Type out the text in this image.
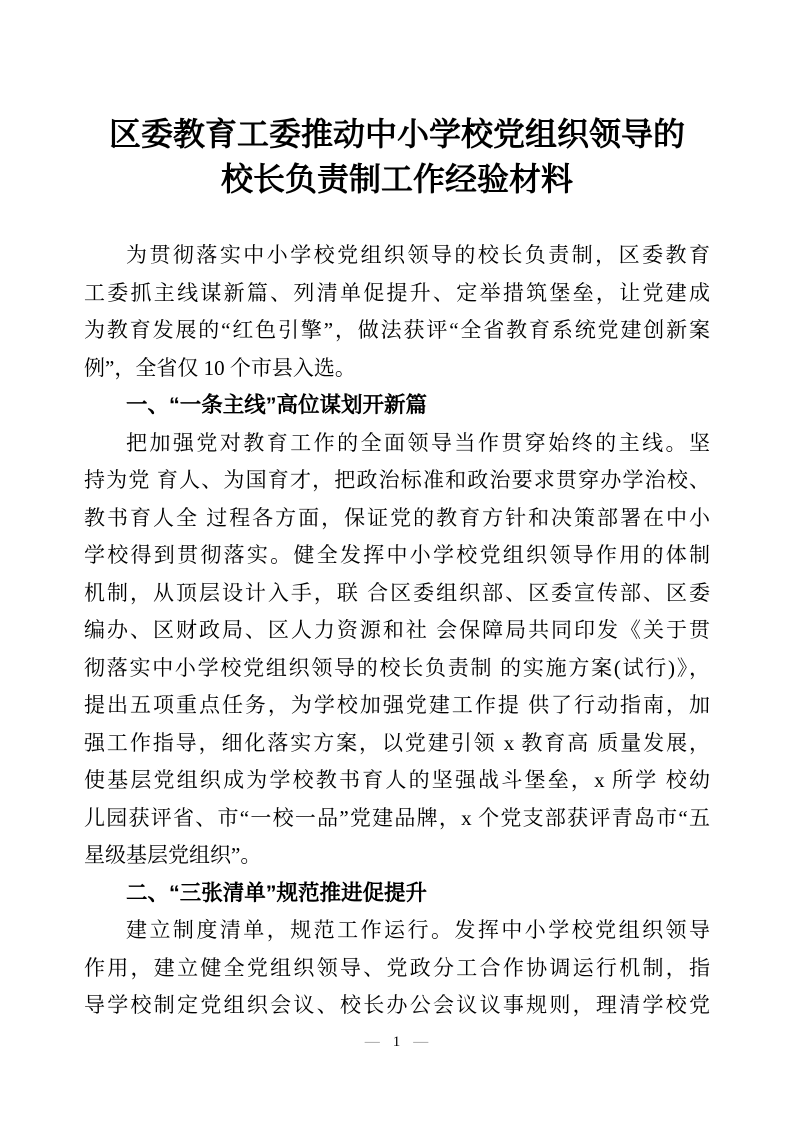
区委教育工委推动中小学校党组织领导的
校长负责制工作经验材料
为贯彻落实中小学校党组织领导的校长负责制，区委教育
工委抓主线谋新篇、列清单促提升、定举措筑堡垒，让党建成
为教育发展的“红色引擎”，做法获评“全省教育系统党建创新案
例”，全省仅 10 个市县入选。
一、“一条主线”高位谋划开新篇
把加强党对教育工作的全面领导当作贯穿始终的主线。坚
持为党 育人、为国育才，把政治标准和政治要求贯穿办学治校、
教书育人全 过程各方面，保证党的教育方针和决策部署在中小
学校得到贯彻落实。健全发挥中小学校党组织领导作用的体制
机制，从顶层设计入手，联 合区委组织部、区委宣传部、区委
编办、区财政局、区人力资源和社 会保障局共同印发《关于贯
彻落实中小学校党组织领导的校长负责制 的实施方案(试行)》，
提出五项重点任务，为学校加强党建工作提 供了行动指南，加
强工作指导，细化落实方案，以党建引领 x 教育高 质量发展，
使基层党组织成为学校教书育人的坚强战斗堡垒，x 所学 校幼
儿园获评省、市“一校一品”党建品牌，x 个党支部获评青岛市“五
星级基层党组织”。
二、“三张清单”规范推进促提升
建立制度清单，规范工作运行。发挥中小学校党组织领导
作用，建立健全党组织领导、党政分工合作协调运行机制，指
导学校制定党组织会议、校长办公会议议事规则，理清学校党
— 1 —
